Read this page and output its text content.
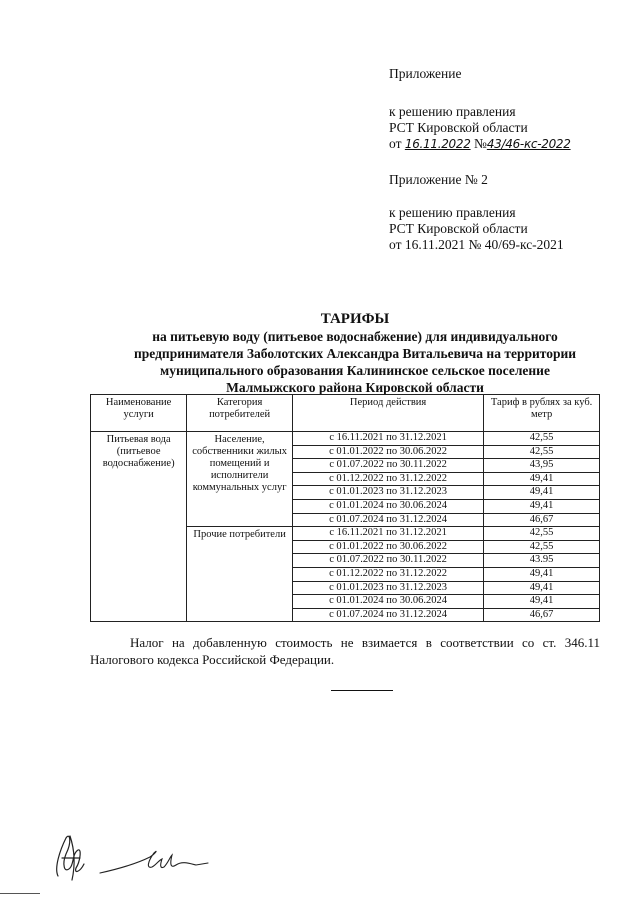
Приложение
к решению правления
РСТ Кировской области
от 16.11.2022 №43/46-кс-2022
Приложение № 2
к решению правления
РСТ Кировской области
от 16.11.2021 № 40/69-кс-2021
ТАРИФЫ
на питьевую воду (питьевое водоснабжение) для индивидуального
предпринимателя Заболотских Александра Витальевича на территории
муниципального образования Калининское сельское поселение
Малмыжского района Кировской области
Наименование услуги	Категория потребителей	Период действия	Тариф в рублях за куб. метр
Питьевая вода (питьевое водоснабжение)	Население, собственники жилых помещений и исполнители коммунальных услуг	с 16.11.2021 по 31.12.2021	42,55
		с 01.01.2022 по 30.06.2022	42,55
		с 01.07.2022 по 30.11.2022	43,95
		с 01.12.2022 по 31.12.2022	49,41
		с 01.01.2023 по 31.12.2023	49,41
		с 01.01.2024 по 30.06.2024	49,41
		с 01.07.2024 по 31.12.2024	46,67
	Прочие потребители	с 16.11.2021 по 31.12.2021	42,55
		с 01.01.2022 по 30.06.2022	42,55
		с 01.07.2022 по 30.11.2022	43.95
		с 01.12.2022 по 31.12.2022	49,41
		с 01.01.2023 по 31.12.2023	49,41
		с 01.01.2024 по 30.06.2024	49,41
		с 01.07.2024 по 31.12.2024	46,67
Налог на добавленную стоимость не взимается в соответствии со ст. 346.11 Налогового кодекса Российской Федерации.
